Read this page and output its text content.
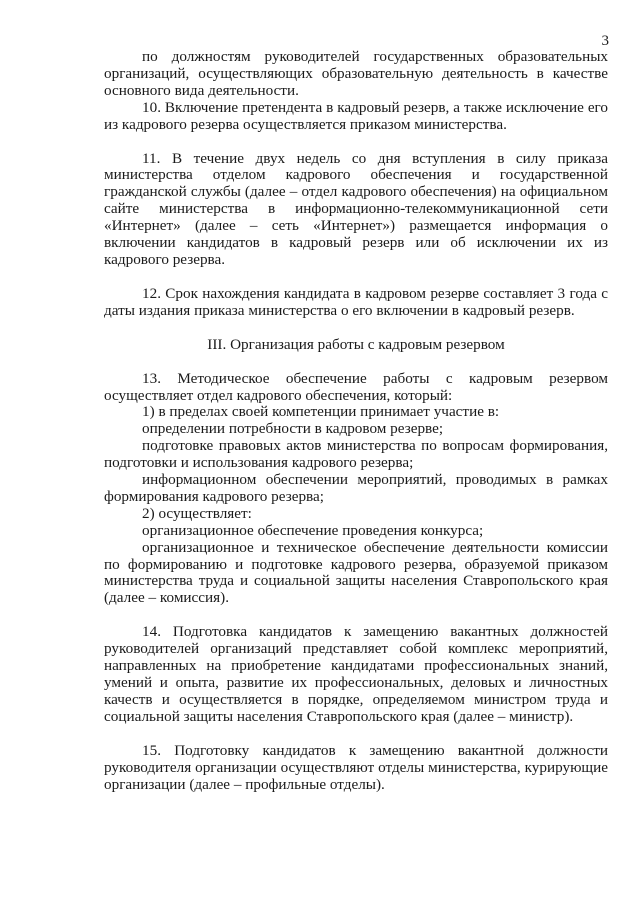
3

по должностям руководителей государственных образовательных организаций, осуществляющих образовательную деятельность в качестве основного вида деятельности.

10. Включение претендента в кадровый резерв, а также исключение его из кадрового резерва осуществляется приказом министерства.

11. В течение двух недель со дня вступления в силу приказа министерства отделом кадрового обеспечения и государственной гражданской службы (далее – отдел кадрового обеспечения) на официальном сайте министерства в информационно-телекоммуникационной сети «Интернет» (далее – сеть «Интернет») размещается информация о включении кандидатов в кадровый резерв или об исключении их из кадрового резерва.

12. Срок нахождения кандидата в кадровом резерве составляет 3 года с даты издания приказа министерства о его включении в кадровый резерв.

III. Организация работы с кадровым резервом

13. Методическое обеспечение работы с кадровым резервом осуществляет отдел кадрового обеспечения, который:

1) в пределах своей компетенции принимает участие в:

определении потребности в кадровом резерве;

подготовке правовых актов министерства по вопросам формирования, подготовки и использования кадрового резерва;

информационном обеспечении мероприятий, проводимых в рамках формирования кадрового резерва;

2) осуществляет:

организационное обеспечение проведения конкурса;

организационное и техническое обеспечение деятельности комиссии по формированию и подготовке кадрового резерва, образуемой приказом министерства труда и социальной защиты населения Ставропольского края (далее – комиссия).

14. Подготовка кандидатов к замещению вакантных должностей руководителей организаций представляет собой комплекс мероприятий, направленных на приобретение кандидатами профессиональных знаний, умений и опыта, развитие их профессиональных, деловых и личностных качеств и осуществляется в порядке, определяемом министром труда и социальной защиты населения Ставропольского края (далее – министр).

15. Подготовку кандидатов к замещению вакантной должности руководителя организации осуществляют отделы министерства, курирующие организации (далее – профильные отделы).
